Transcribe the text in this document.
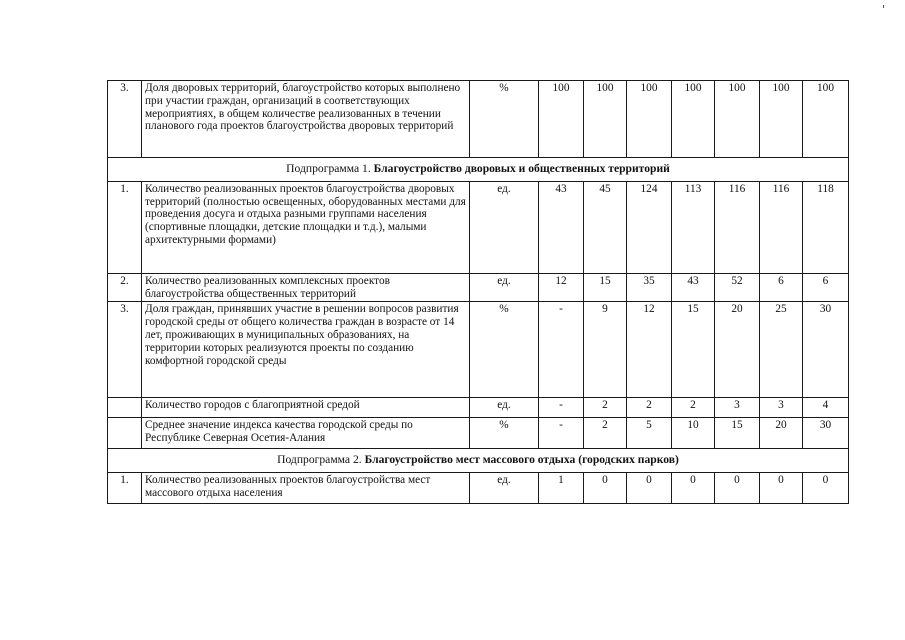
3.	Доля дворовых территорий, благоустройство которых выполнено при участии граждан, организаций в соответствующих мероприятиях, в общем количестве реализованных в течении планового года проектов благоустройства дворовых территорий	%	100	100	100	100	100	100	100
Подпрограмма 1. Благоустройство дворовых и общественных территорий									
1.	Количество реализованных проектов благоустройства дворовых территорий (полностью освещенных, оборудованных местами для проведения досуга и отдыха разными группами населения (спортивные площадки, детские площадки и т.д.), малыми архитектурными формами)	ед.	43	45	124	113	116	116	118
2.	Количество реализованных комплексных проектов благоустройства общественных территорий	ед.	12	15	35	43	52	6	6
3.	Доля граждан, принявших участие в решении вопросов развития городской среды от общего количества граждан в возрасте от 14 лет, проживающих в муниципальных образованиях, на территории которых реализуются проекты по созданию комфортной городской среды	%	-	9	12	15	20	25	30
	Количество городов с благоприятной средой	ед.	-	2	2	2	3	3	4
	Среднее значение индекса качества городской среды по Республике Северная Осетия-Алания	%	-	2	5	10	15	20	30
Подпрограмма 2. Благоустройство мест массового отдыха (городских парков)									
1.	Количество реализованных проектов благоустройства мест массового отдыха населения	ед.	1	0	0	0	0	0	0
